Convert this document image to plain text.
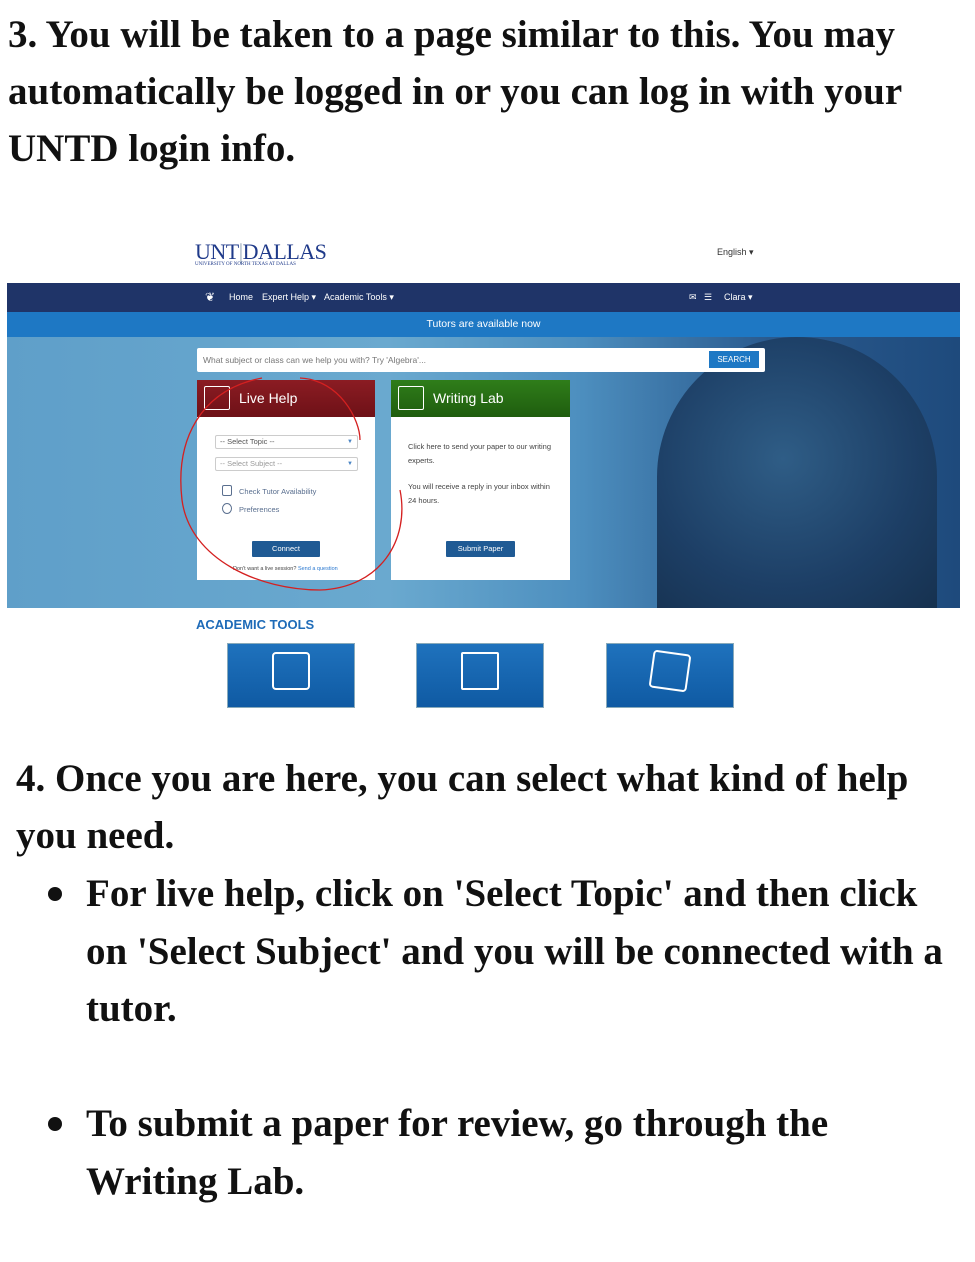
3. You will be taken to a page similar to this. You may automatically be logged in or you can log in with your UNTD login info.
UNT|DALLAS
UNIVERSITY OF NORTH TEXAS AT DALLAS
English ▾
❦ Home Expert Help ▾ Academic Tools ▾	✉ ☰ Clara ▾
Tutors are available now
What subject or class can we help you with? Try 'Algebra'...	SEARCH
Live Help
-- Select Topic --	▼
-- Select Subject --	▼
Check Tutor Availability
Preferences
Connect
Don't want a live session? Send a question
Writing Lab
Click here to send your paper to our writing experts.
You will receive a reply in your inbox within 24 hours.
Submit Paper
ACADEMIC TOOLS
4. Once you are here, you can select what kind of help you need.
For live help, click on 'Select Topic' and then click on 'Select Subject' and you will be connected with a tutor.
To submit a paper for review, go through the Writing Lab.
